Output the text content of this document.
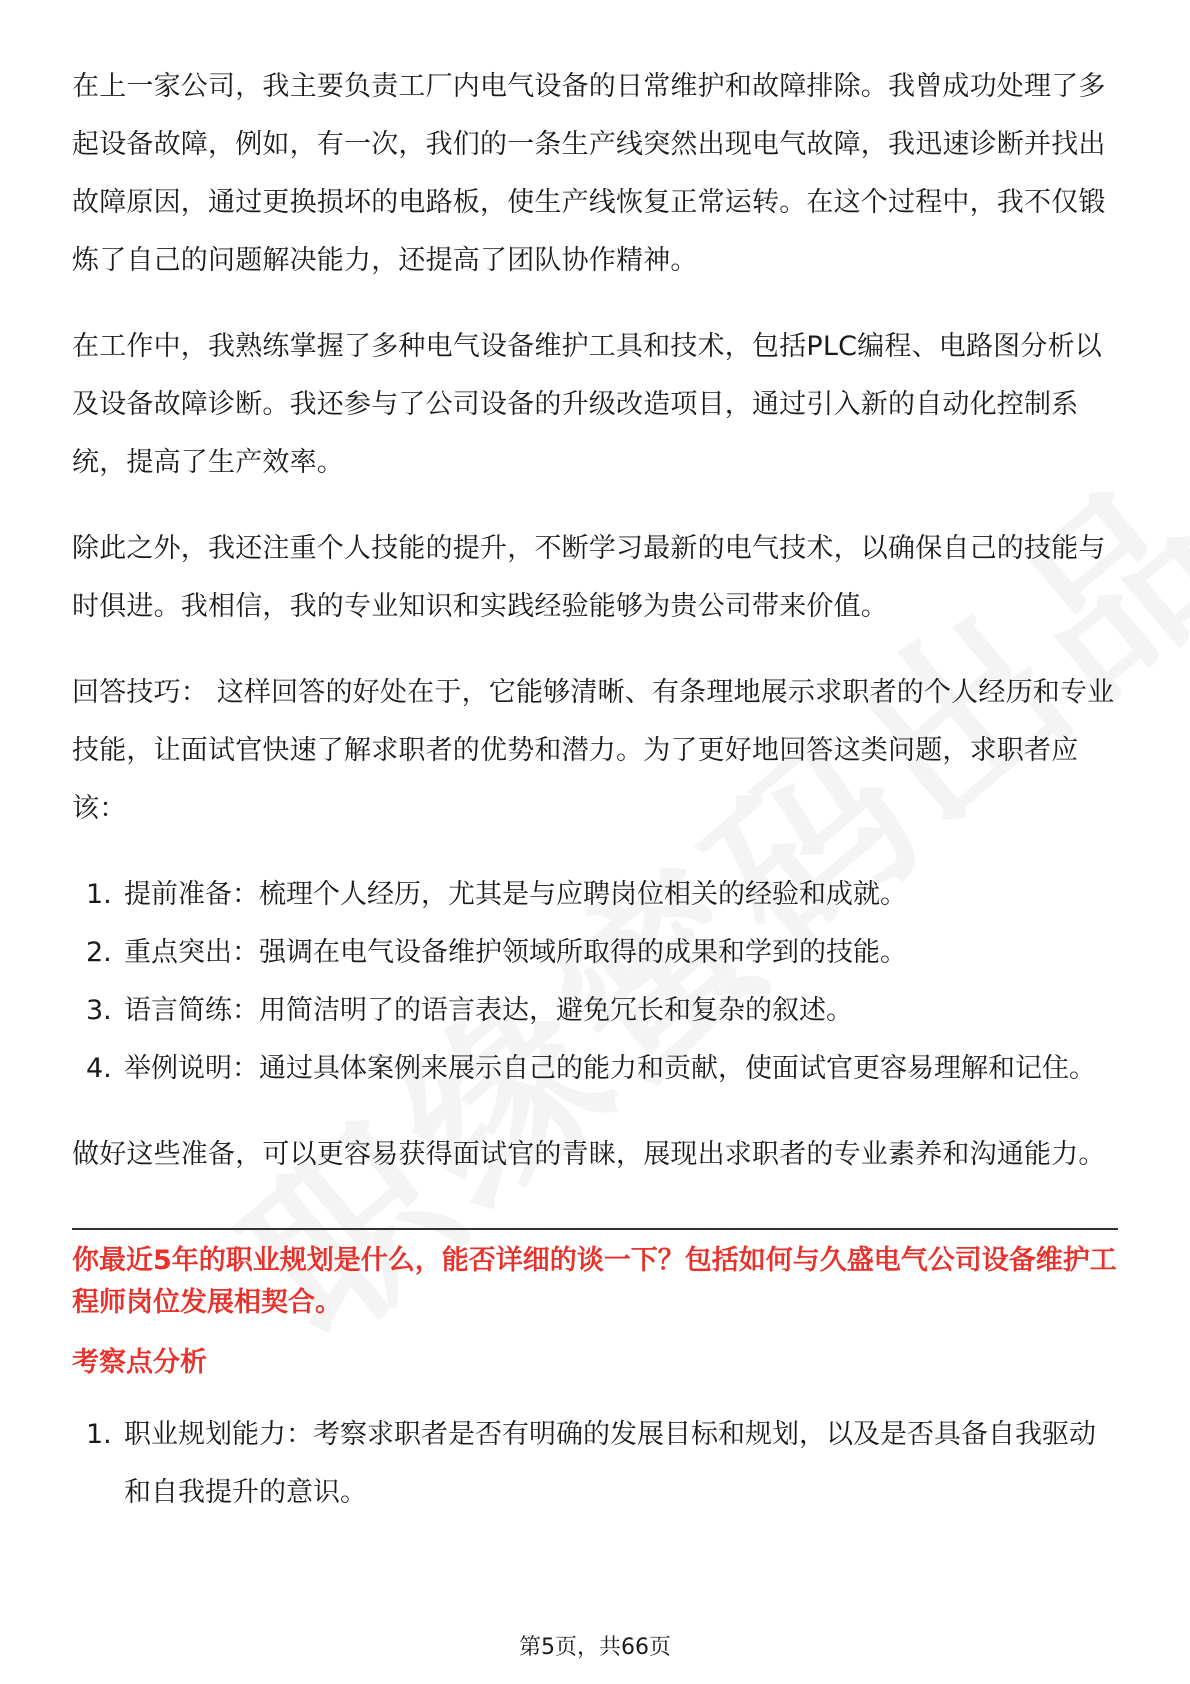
在上一家公司，我主要负责工厂内电气设备的日常维护和故障排除。我曾成功处理了多起设备故障，例如，有一次，我们的一条生产线突然出现电气故障，我迅速诊断并找出故障原因，通过更换损坏的电路板，使生产线恢复正常运转。在这个过程中，我不仅锻炼了自己的问题解决能力，还提高了团队协作精神。

在工作中，我熟练掌握了多种电气设备维护工具和技术，包括PLC编程、电路图分析以及设备故障诊断。我还参与了公司设备的升级改造项目，通过引入新的自动化控制系统，提高了生产效率。

除此之外，我还注重个人技能的提升，不断学习最新的电气技术，以确保自己的技能与时俱进。我相信，我的专业知识和实践经验能够为贵公司带来价值。

回答技巧： 这样回答的好处在于，它能够清晰、有条理地展示求职者的个人经历和专业技能，让面试官快速了解求职者的优势和潜力。为了更好地回答这类问题，求职者应该：

1. 提前准备：梳理个人经历，尤其是与应聘岗位相关的经验和成就。
2. 重点突出：强调在电气设备维护领域所取得的成果和学到的技能。
3. 语言简练：用简洁明了的语言表达，避免冗长和复杂的叙述。
4. 举例说明：通过具体案例来展示自己的能力和贡献，使面试官更容易理解和记住。

做好这些准备，可以更容易获得面试官的青睐，展现出求职者的专业素养和沟通能力。

你最近5年的职业规划是什么，能否详细的谈一下？包括如何与久盛电气公司设备维护工程师岗位发展相契合。

考察点分析

1. 职业规划能力：考察求职者是否有明确的发展目标和规划，以及是否具备自我驱动和自我提升的意识。
第5页，共66页
